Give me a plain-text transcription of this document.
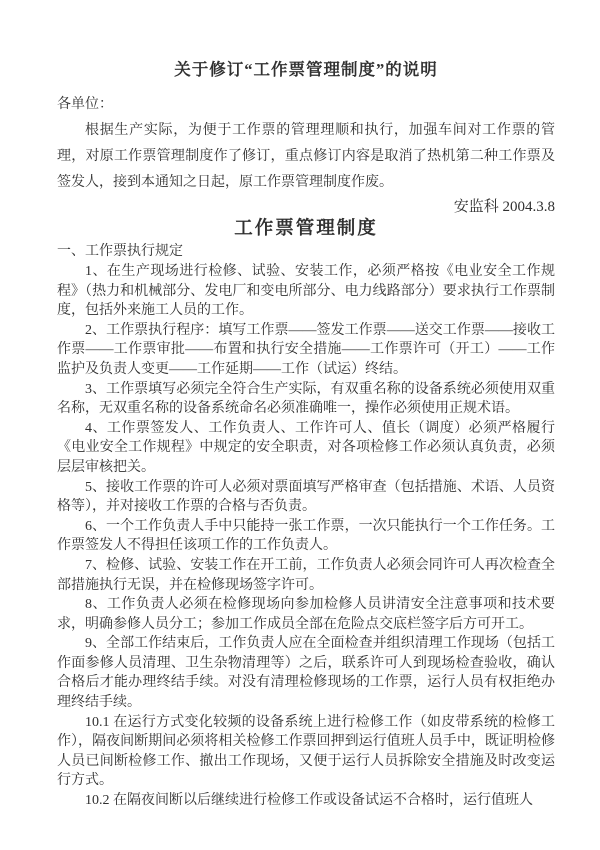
关于修订“工作票管理制度”的说明

各单位：

根据生产实际，为便于工作票的管理理顺和执行，加强车间对工作票的管理，对原工作票管理制度作了修订，重点修订内容是取消了热机第二种工作票及签发人，接到本通知之日起，原工作票管理制度作废。

安监科 2004.3.8

工作票管理制度

一、工作票执行规定

1、在生产现场进行检修、试验、安装工作，必须严格按《电业安全工作规程》（热力和机械部分、发电厂和变电所部分、电力线路部分）要求执行工作票制度，包括外来施工人员的工作。

2、工作票执行程序：填写工作票——签发工作票——送交工作票——接收工作票——工作票审批——布置和执行安全措施——工作票许可（开工）——工作监护及负责人变更——工作延期——工作（试运）终结。

3、工作票填写必须完全符合生产实际，有双重名称的设备系统必须使用双重名称，无双重名称的设备系统命名必须准确唯一，操作必须使用正规术语。

4、工作票签发人、工作负责人、工作许可人、值长（调度）必须严格履行《电业安全工作规程》中规定的安全职责，对各项检修工作必须认真负责，必须层层审核把关。

5、接收工作票的许可人必须对票面填写严格审查（包括措施、术语、人员资格等），并对接收工作票的合格与否负责。

6、一个工作负责人手中只能持一张工作票，一次只能执行一个工作任务。工作票签发人不得担任该项工作的工作负责人。

7、检修、试验、安装工作在开工前，工作负责人必须会同许可人再次检查全部措施执行无误，并在检修现场签字许可。

8、工作负责人必须在检修现场向参加检修人员讲清安全注意事项和技术要求，明确参修人员分工；参加工作成员全部在危险点交底栏签字后方可开工。

9、全部工作结束后，工作负责人应在全面检查并组织清理工作现场（包括工作面参修人员清理、卫生杂物清理等）之后，联系许可人到现场检查验收，确认合格后才能办理终结手续。对没有清理检修现场的工作票，运行人员有权拒绝办理终结手续。

10.1 在运行方式变化较频的设备系统上进行检修工作（如皮带系统的检修工作），隔夜间断期间必须将相关检修工作票回押到运行值班人员手中，既证明检修人员已间断检修工作、撤出工作现场，又便于运行人员拆除安全措施及时改变运行方式。

10.2 在隔夜间断以后继续进行检修工作或设备试运不合格时，运行值班人
